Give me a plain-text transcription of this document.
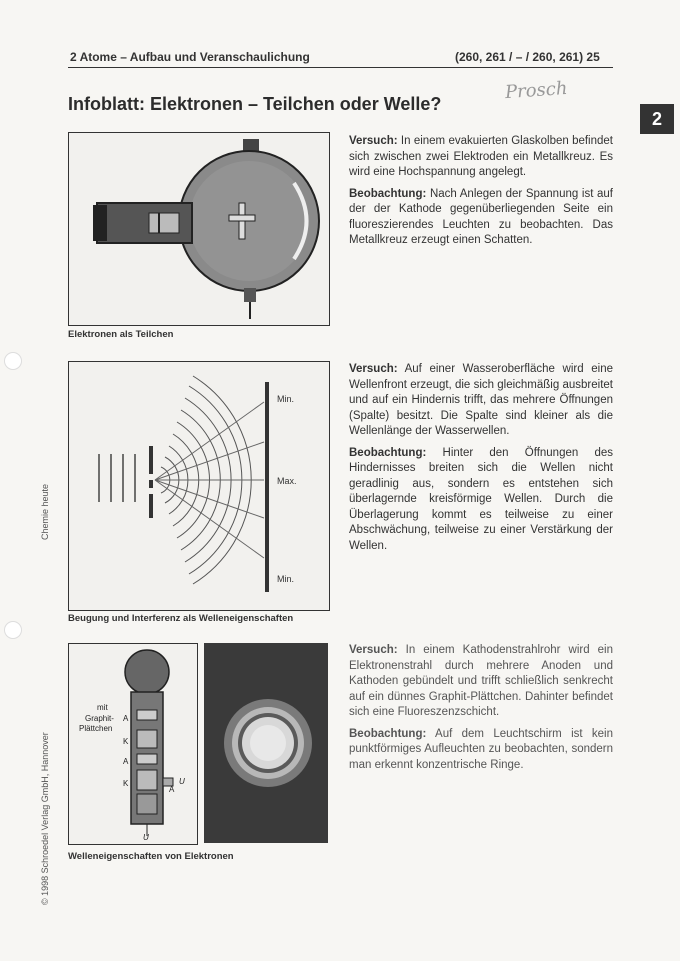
2 Atome – Aufbau und Veranschaulichung	(260, 261 / – / 260, 261) 25
Prosch
2
Infoblatt: Elektronen – Teilchen oder Welle?
Chemie heute
© 1998 Schroedel Verlag GmbH, Hannover
Elektronen als Teilchen

Versuch: In einem evakuierten Glaskolben befindet sich zwischen zwei Elektroden ein Metallkreuz. Es wird eine Hochspannung angelegt.

Beobachtung: Nach Anlegen der Spannung ist auf der der Kathode gegenüberliegenden Seite ein fluoreszierendes Leuchten zu beobachten. Das Metallkreuz erzeugt einen Schatten.

Min.
Max.
Min.
Beugung und Interferenz als Welleneigenschaften

Versuch: Auf einer Wasseroberfläche wird eine Wellenfront erzeugt, die sich gleichmäßig ausbreitet und auf ein Hindernis trifft, das mehrere Öffnungen (Spalte) besitzt. Die Spalte sind kleiner als die Wellenlänge der Wasserwellen.

Beobachtung: Hinter den Öffnungen des Hindernisses breiten sich die Wellen nicht geradlinig aus, sondern es entstehen sich überlagernde kreisförmige Wellen. Durch die Überlagerung kommt es teilweise zu einer Abschwächung, teilweise zu einer Verstärkung der Wellen.

mit
Graphit-
Plättchen
A
K
A
K
A
U
U
Welleneigenschaften von Elektronen

Versuch: In einem Kathodenstrahlrohr wird ein Elektronenstrahl durch mehrere Anoden und Kathoden gebündelt und trifft schließlich senkrecht auf ein dünnes Graphit-Plättchen. Dahinter befindet sich eine Fluoreszenzschicht.

Beobachtung: Auf dem Leuchtschirm ist kein punktförmiges Aufleuchten zu beobachten, sondern man erkennt konzentrische Ringe.
